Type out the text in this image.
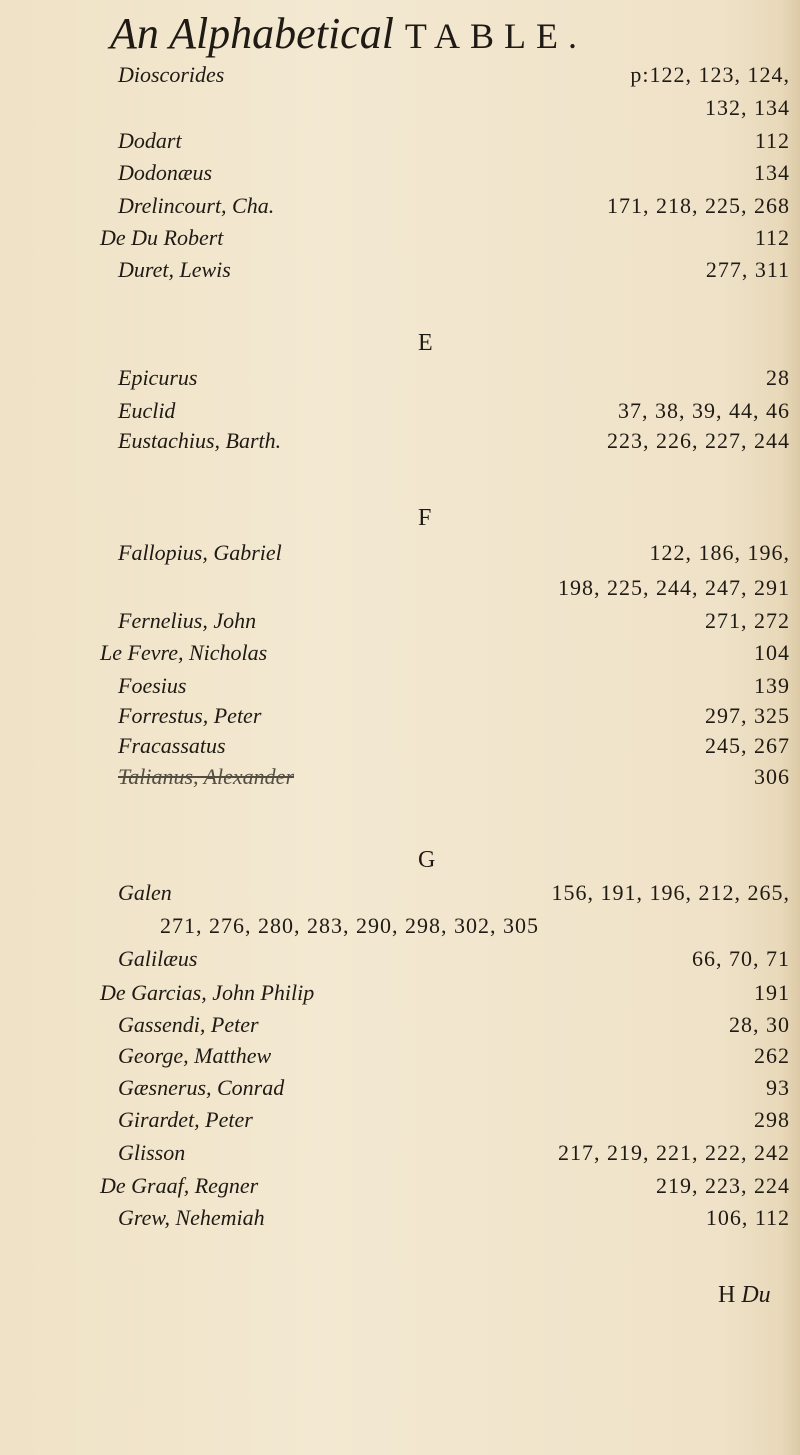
An Alphabetical TABLE.
Dioscorides	p:122, 123, 124,
132, 134
Dodart	112
Dodonæus	134
Drelincourt, Cha.	171, 218, 225, 268
De Du Robert	112
Duret, Lewis	277, 311
E
Epicurus	28
Euclid	37, 38, 39, 44, 46
Eustachius, Barth.	223, 226, 227, 244
F
Fallopius, Gabriel	122, 186, 196,
198, 225, 244, 247, 291
Fernelius, John	271, 272
Le Fevre, Nicholas	104
Foesius	139
Forrestus, Peter	297, 325
Fracassatus	245, 267
Talianus, Alexander	306
G
Galen	156, 191, 196, 212, 265,
271, 276, 280, 283, 290, 298, 302, 305
Galilæus	66, 70, 71
De Garcias, John Philip	191
Gassendi, Peter	28, 30
George, Matthew	262
Gæsnerus, Conrad	93
Girardet, Peter	298
Glisson	217, 219, 221, 222, 242
De Graaf, Regner	219, 223, 224
Grew, Nehemiah	106, 112
H Du
